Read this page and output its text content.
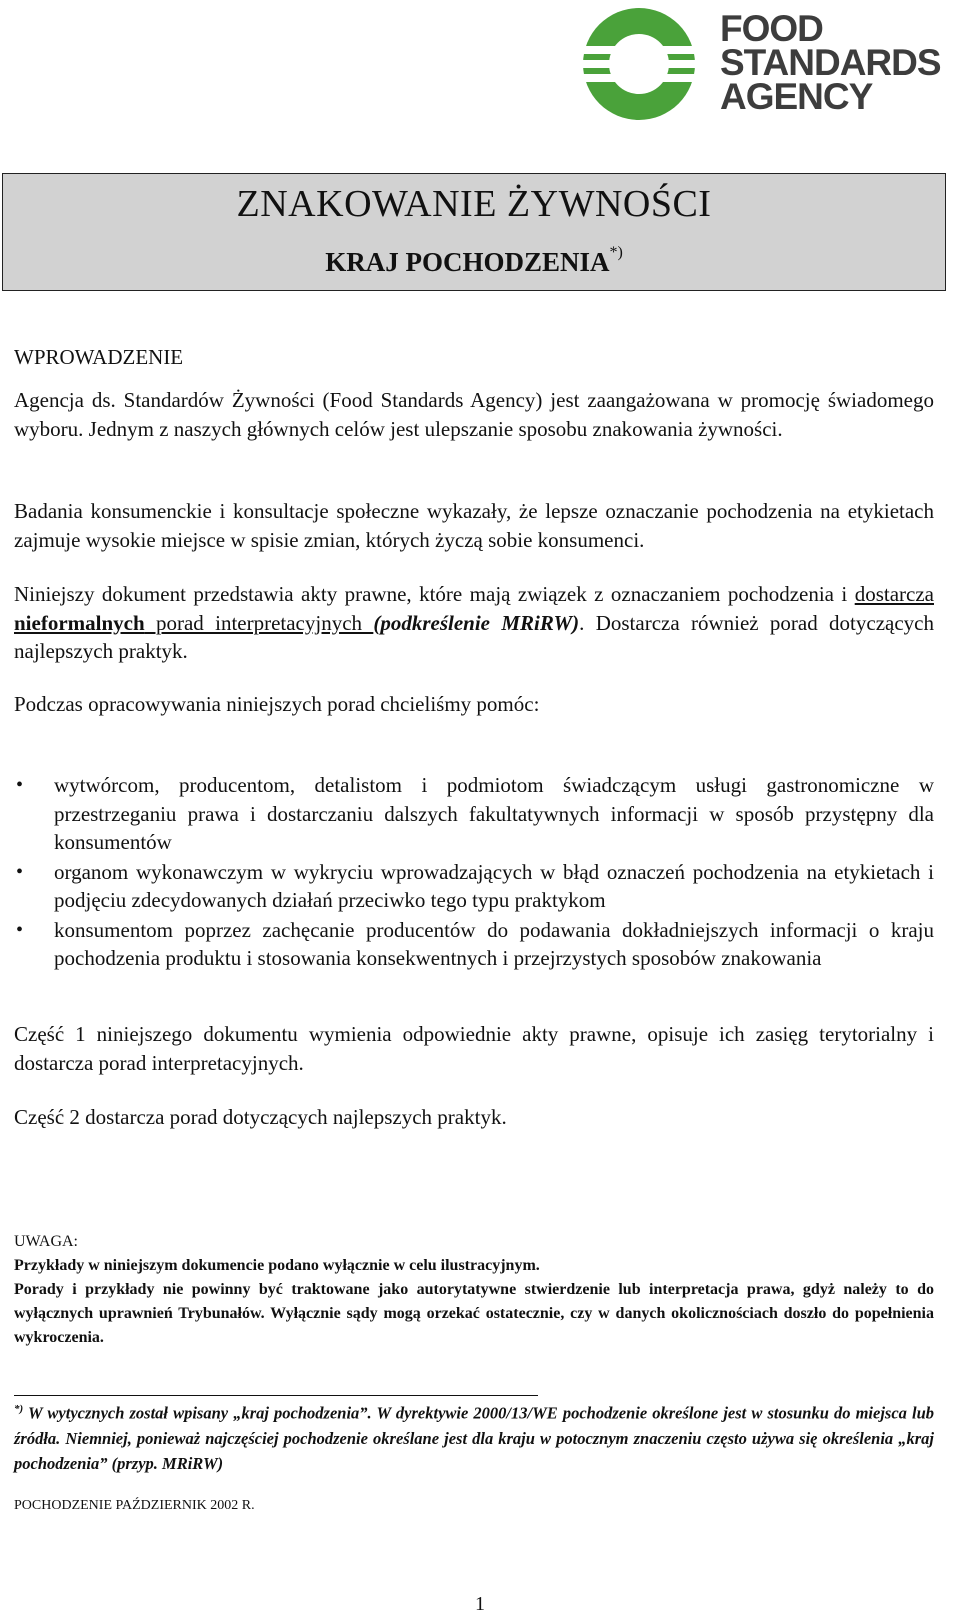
FOOD
STANDARDS
AGENCY
ZNAKOWANIE ŻYWNOŚCI
KRAJ POCHODZENIA*)
WPROWADZENIE

Agencja ds. Standardów Żywności (Food Standards Agency) jest zaangażowana w promocję świadomego wyboru. Jednym z naszych głównych celów jest ulepszanie sposobu znakowania żywności.

Badania konsumenckie i konsultacje społeczne wykazały, że lepsze oznaczanie pochodzenia na etykietach zajmuje wysokie miejsce w spisie zmian, których życzą sobie konsumenci.

Niniejszy dokument przedstawia akty prawne, które mają związek z oznaczaniem pochodzenia i dostarcza nieformalnych porad interpretacyjnych (podkreślenie MRiRW). Dostarcza również porad dotyczących najlepszych praktyk.

Podczas opracowywania niniejszych porad chcieliśmy pomóc:

• wytwórcom, producentom, detalistom i podmiotom świadczącym usługi gastronomiczne w przestrzeganiu prawa i dostarczaniu dalszych fakultatywnych informacji w sposób przystępny dla konsumentów
• organom wykonawczym w wykryciu wprowadzających w błąd oznaczeń pochodzenia na etykietach i podjęciu zdecydowanych działań przeciwko tego typu praktykom
• konsumentom poprzez zachęcanie producentów do podawania dokładniejszych informacji o kraju pochodzenia produktu i stosowania konsekwentnych i przejrzystych sposobów znakowania

Część 1 niniejszego dokumentu wymienia odpowiednie akty prawne, opisuje ich zasięg terytorialny i dostarcza porad interpretacyjnych.

Część 2 dostarcza porad dotyczących najlepszych praktyk.

UWAGA:

Przykłady w niniejszym dokumencie podano wyłącznie w celu ilustracyjnym.

Porady i przykłady nie powinny być traktowane jako autorytatywne stwierdzenie lub interpretacja prawa, gdyż należy to do wyłącznych uprawnień Trybunałów. Wyłącznie sądy mogą orzekać ostatecznie, czy w danych okolicznościach doszło do popełnienia wykroczenia.

*) W wytycznych został wpisany „kraj pochodzenia”. W dyrektywie 2000/13/WE pochodzenie określone jest w stosunku do miejsca lub źródła. Niemniej, ponieważ najczęściej pochodzenie określane jest dla kraju w potocznym znaczeniu często używa się określenia „kraj pochodzenia” (przyp. MRiRW)

POCHODZENIE PAŹDZIERNIK 2002 R.
1
